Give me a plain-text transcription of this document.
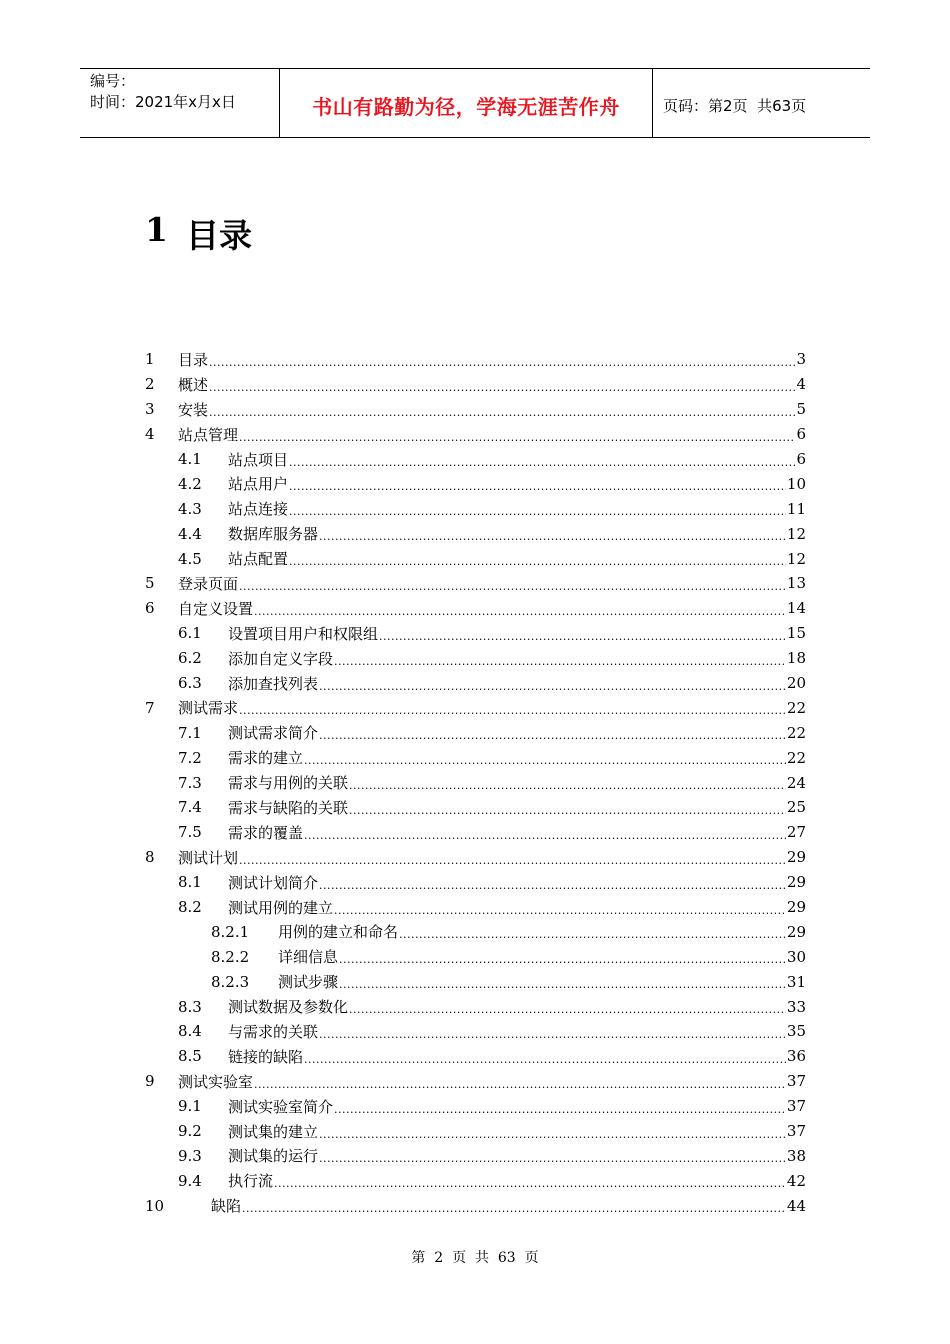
编号：
时间：2021年x月x日	书山有路勤为径，学海无涯苦作舟	页码：第2页  共63页
1 目录
1	目录 .....	3
2	概述 .....	4
3	安装 .....	5
4	站点管理 .....	6
4.1	站点项目 .....	6
4.2	站点用户 .....	10
4.3	站点连接 .....	11
4.4	数据库服务器 .....	12
4.5	站点配置 .....	12
5	登录页面 .....	13
6	自定义设置 .....	14
6.1	设置项目用户和权限组 .....	15
6.2	添加自定义字段 .....	18
6.3	添加查找列表 .....	20
7	测试需求 .....	22
7.1	测试需求简介 .....	22
7.2	需求的建立 .....	22
7.3	需求与用例的关联 .....	24
7.4	需求与缺陷的关联 .....	25
7.5	需求的覆盖 .....	27
8	测试计划 .....	29
8.1	测试计划简介 .....	29
8.2	测试用例的建立 .....	29
8.2.1	用例的建立和命名 .....	29
8.2.2	详细信息 .....	30
8.2.3	测试步骤 .....	31
8.3	测试数据及参数化 .....	33
8.4	与需求的关联 .....	35
8.5	链接的缺陷 .....	36
9	测试实验室 .....	37
9.1	测试实验室简介 .....	37
9.2	测试集的建立 .....	37
9.3	测试集的运行 .....	38
9.4	执行流 .....	42
10	缺陷 .....	44
第  2  页  共  63  页
